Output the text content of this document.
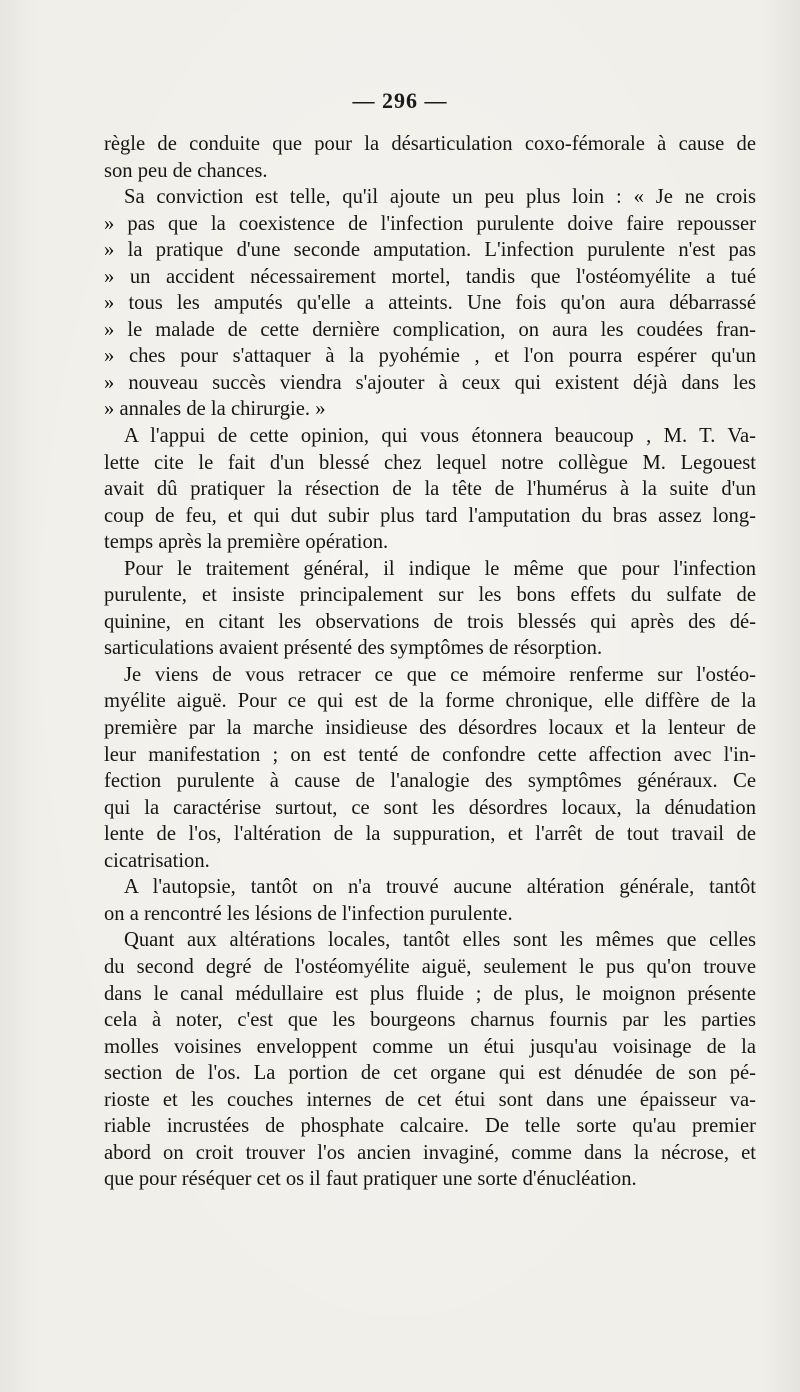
— 296 —
règle de conduite que pour la désarticulation coxo-fémorale à cause de
son peu de chances.
Sa conviction est telle, qu'il ajoute un peu plus loin : « Je ne crois
» pas que la coexistence de l'infection purulente doive faire repousser
» la pratique d'une seconde amputation. L'infection purulente n'est pas
» un accident nécessairement mortel, tandis que l'ostéomyélite a tué
» tous les amputés qu'elle a atteints. Une fois qu'on aura débarrassé
» le malade de cette dernière complication, on aura les coudées fran-
» ches pour s'attaquer à la pyohémie , et l'on pourra espérer qu'un
» nouveau succès viendra s'ajouter à ceux qui existent déjà dans les
» annales de la chirurgie. »
A l'appui de cette opinion, qui vous étonnera beaucoup , M. T. Va-
lette cite le fait d'un blessé chez lequel notre collègue M. Legouest
avait dû pratiquer la résection de la tête de l'humérus à la suite d'un
coup de feu, et qui dut subir plus tard l'amputation du bras assez long-
temps après la première opération.
Pour le traitement général, il indique le même que pour l'infection
purulente, et insiste principalement sur les bons effets du sulfate de
quinine, en citant les observations de trois blessés qui après des dé-
sarticulations avaient présenté des symptômes de résorption.
Je viens de vous retracer ce que ce mémoire renferme sur l'ostéo-
myélite aiguë. Pour ce qui est de la forme chronique, elle diffère de la
première par la marche insidieuse des désordres locaux et la lenteur de
leur manifestation ; on est tenté de confondre cette affection avec l'in-
fection purulente à cause de l'analogie des symptômes généraux. Ce
qui la caractérise surtout, ce sont les désordres locaux, la dénudation
lente de l'os, l'altération de la suppuration, et l'arrêt de tout travail de
cicatrisation.
A l'autopsie, tantôt on n'a trouvé aucune altération générale, tantôt
on a rencontré les lésions de l'infection purulente.
Quant aux altérations locales, tantôt elles sont les mêmes que celles
du second degré de l'ostéomyélite aiguë, seulement le pus qu'on trouve
dans le canal médullaire est plus fluide ; de plus, le moignon présente
cela à noter, c'est que les bourgeons charnus fournis par les parties
molles voisines enveloppent comme un étui jusqu'au voisinage de la
section de l'os. La portion de cet organe qui est dénudée de son pé-
rioste et les couches internes de cet étui sont dans une épaisseur va-
riable incrustées de phosphate calcaire. De telle sorte qu'au premier
abord on croit trouver l'os ancien invaginé, comme dans la nécrose, et
que pour réséquer cet os il faut pratiquer une sorte d'énucléation.
